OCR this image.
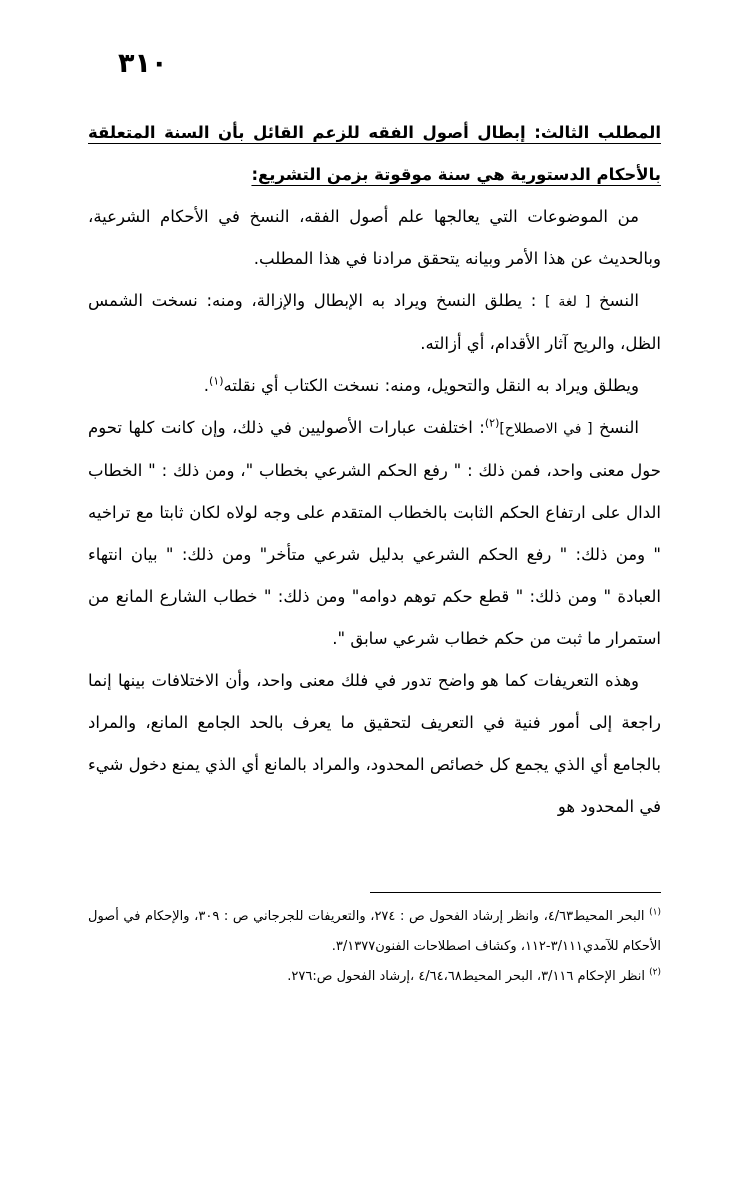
٣١٠

المطلب الثالث: إبطال أصول الفقه للزعم القائل بأن السنة المتعلقة بالأحكام الدستورية هي سنة موقوتة بزمن التشريع:

من الموضوعات التي يعالجها علم أصول الفقه، النسخ في الأحكام الشرعية، وبالحديث عن هذا الأمر وبيانه يتحقق مرادنا في هذا المطلب.

النسخ [ لغة ] : يطلق النسخ ويراد به الإبطال والإزالة، ومنه: نسخت الشمس الظل، والريح آثار الأقدام، أي أزالته.

ويطلق ويراد به النقل والتحويل، ومنه: نسخت الكتاب أي نقلته$^{(١)}$.

النسخ [ في الاصطلاح]$^{(٢)}$: اختلفت عبارات الأصوليين في ذلك، وإن كانت كلها تحوم حول معنى واحد، فمن ذلك : " رفع الحكم الشرعي بخطاب "، ومن ذلك : " الخطاب الدال على ارتفاع الحكم الثابت بالخطاب المتقدم على وجه لولاه لكان ثابتا مع تراخيه " ومن ذلك: " رفع الحكم الشرعي بدليل شرعي متأخر" ومن ذلك: " بيان انتهاء العبادة " ومن ذلك: " قطع حكم توهم دوامه" ومن ذلك: " خطاب الشارع المانع من استمرار ما ثبت من حكم خطاب شرعي سابق ".

وهذه التعريفات كما هو واضح تدور في فلك معنى واحد، وأن الاختلافات بينها إنما راجعة إلى أمور فنية في التعريف لتحقيق ما يعرف بالحد الجامع المانع، والمراد بالجامع أي الذي يجمع كل خصائص المحدود، والمراد بالمانع أي الذي يمنع دخول شيء في المحدود هو

$^{(١)}$ البحر المحيط٤/٦٣، وانظر إرشاد الفحول ص : ٢٧٤، والتعريفات للجرجاني ص : ٣٠٩، والإحكام في أصول الأحكام للآمدي٣/١١١-١١٢، وكشاف اصطلاحات الفنون٣/١٣٧٧.

$^{(٢)}$ انظر الإحكام ٣/١١٦، البحر المحيط٤/٦٤،٦٨ ،إرشاد الفحول ص:٢٧٦.
